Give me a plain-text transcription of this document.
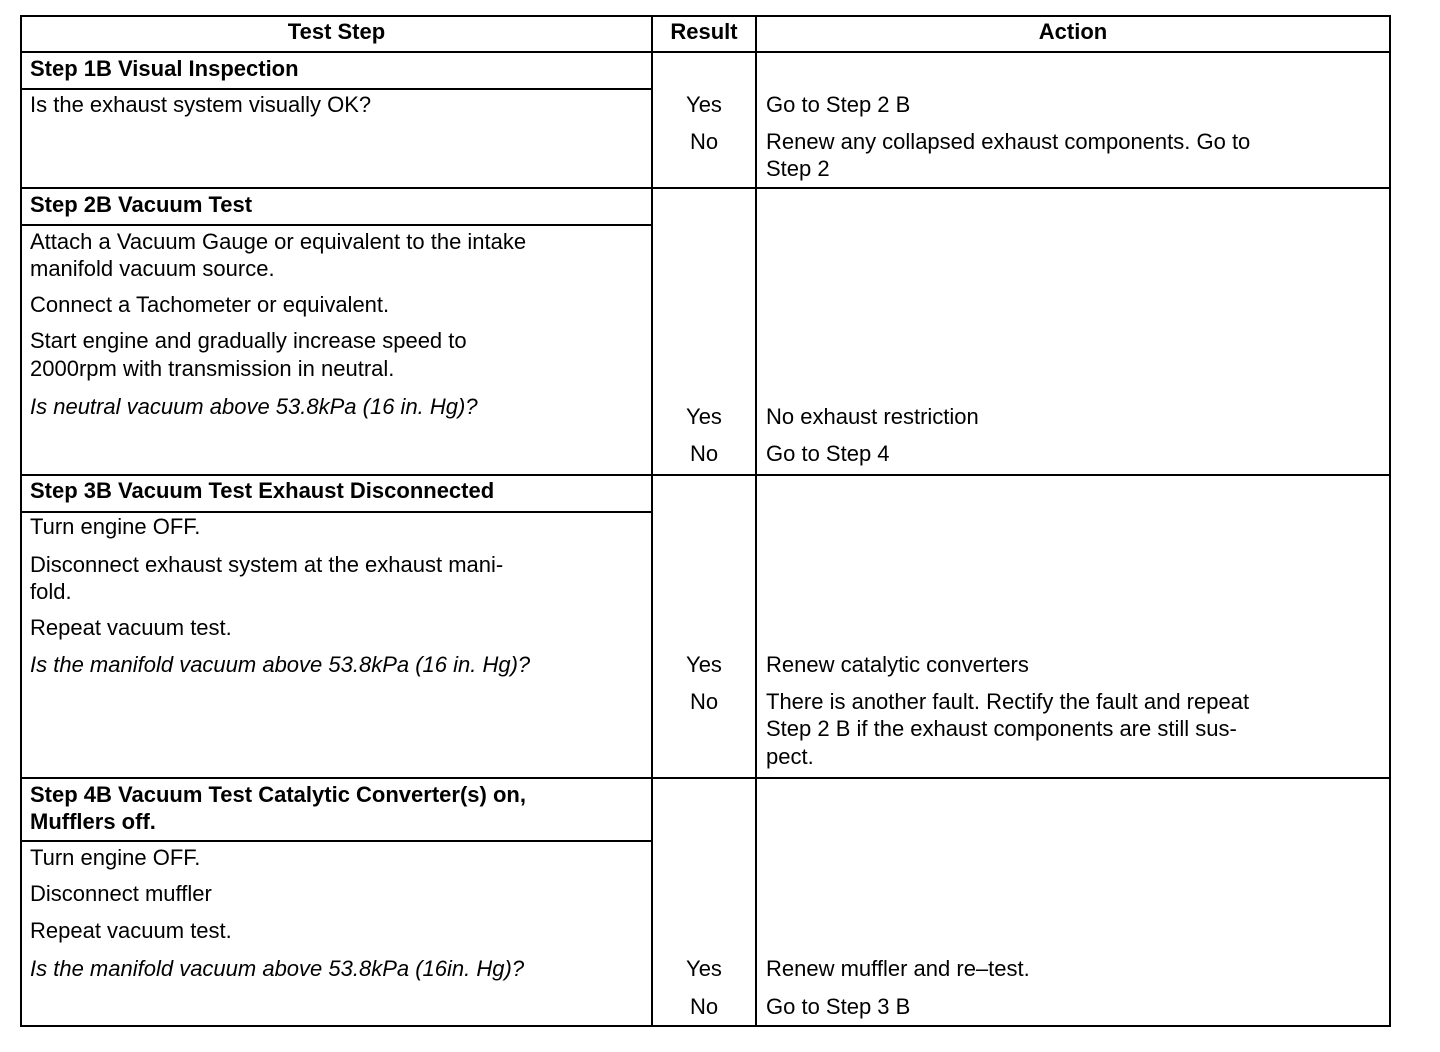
Test Step	Result	Action
Step 1B Visual Inspection
Is the exhaust system visually OK?	Yes	Go to Step 2 B
No	Renew any collapsed exhaust components. Go to
Step 2
Step 2B Vacuum Test
Attach a Vacuum Gauge or equivalent to the intake
manifold vacuum source.
Connect a Tachometer or equivalent.
Start engine and gradually increase speed to
2000rpm with transmission in neutral.
Is neutral vacuum above 53.8kPa (16 in. Hg)?	Yes	No exhaust restriction
No	Go to Step 4
Step 3B Vacuum Test Exhaust Disconnected
Turn engine OFF.
Disconnect exhaust system at the exhaust mani-
fold.
Repeat vacuum test.
Is the manifold vacuum above 53.8kPa (16 in. Hg)?	Yes	Renew catalytic converters
No	There is another fault. Rectify the fault and repeat
Step 2 B if the exhaust components are still sus-
pect.
Step 4B Vacuum Test Catalytic Converter(s) on,
Mufflers off.
Turn engine OFF.
Disconnect muffler
Repeat vacuum test.
Is the manifold vacuum above 53.8kPa (16in. Hg)?	Yes	Renew muffler and re–test.
No	Go to Step 3 B
